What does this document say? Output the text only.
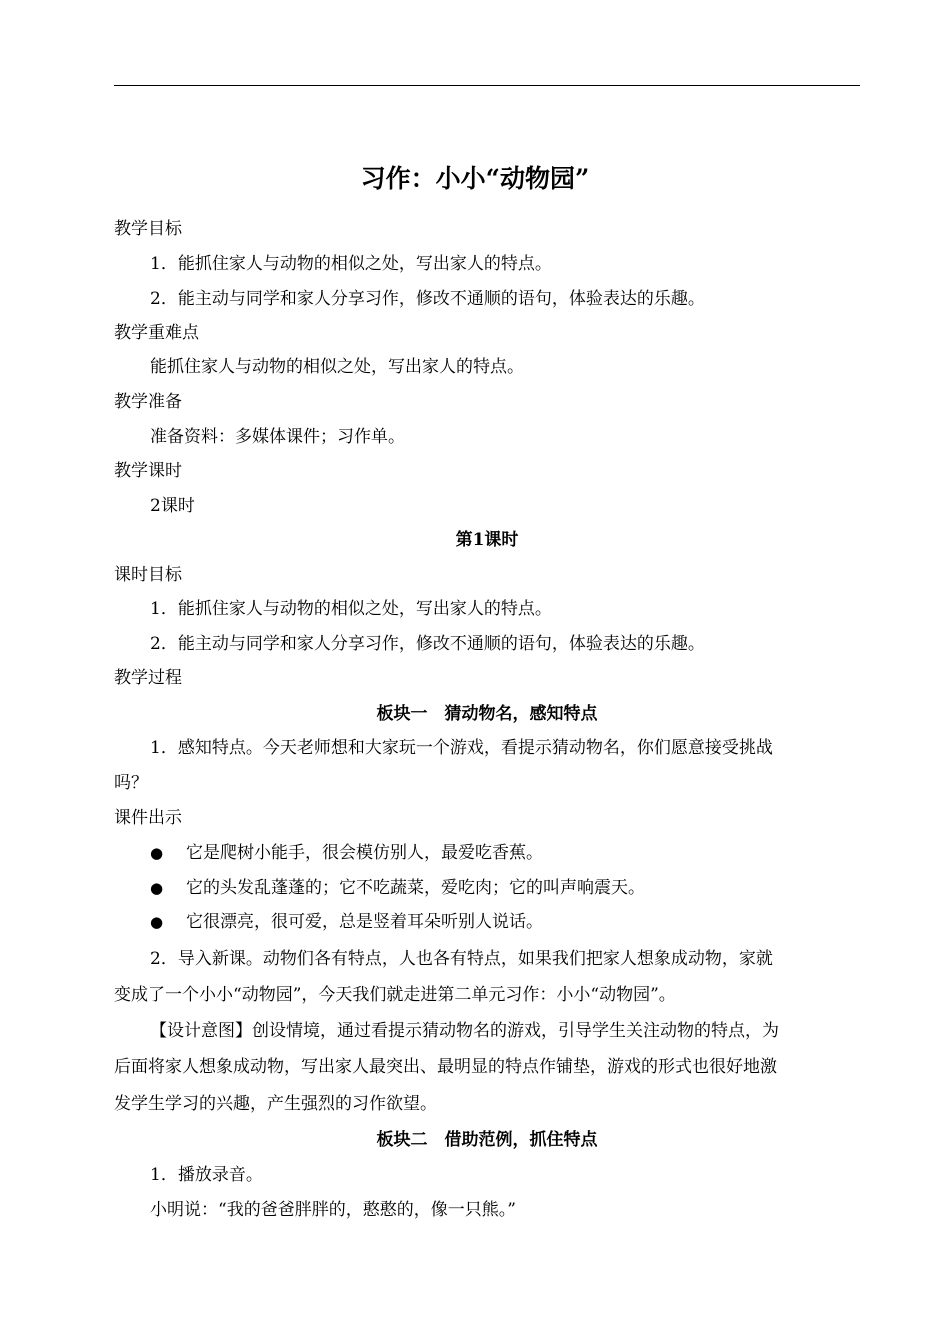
习作：小小“动物园”
教学目标
1．能抓住家人与动物的相似之处，写出家人的特点。
2．能主动与同学和家人分享习作，修改不通顺的语句，体验表达的乐趣。
教学重难点
能抓住家人与动物的相似之处，写出家人的特点。
教学准备
准备资料：多媒体课件；习作单。
教学课时
2课时
第1课时
课时目标
1．能抓住家人与动物的相似之处，写出家人的特点。
2．能主动与同学和家人分享习作，修改不通顺的语句，体验表达的乐趣。
教学过程
板块一　猜动物名，感知特点
1．感知特点。今天老师想和大家玩一个游戏，看提示猜动物名，你们愿意接受挑战
吗？
课件出示
● 它是爬树小能手，很会模仿别人，最爱吃香蕉。
● 它的头发乱蓬蓬的；它不吃蔬菜，爱吃肉；它的叫声响震天。
● 它很漂亮，很可爱，总是竖着耳朵听别人说话。
2．导入新课。动物们各有特点，人也各有特点，如果我们把家人想象成动物，家就
变成了一个小小“动物园”，今天我们就走进第二单元习作：小小“动物园”。
【设计意图】创设情境，通过看提示猜动物名的游戏，引导学生关注动物的特点，为
后面将家人想象成动物，写出家人最突出、最明显的特点作铺垫，游戏的形式也很好地激
发学生学习的兴趣，产生强烈的习作欲望。
板块二　借助范例，抓住特点
1．播放录音。
小明说：“我的爸爸胖胖的，憨憨的，像一只熊。”
